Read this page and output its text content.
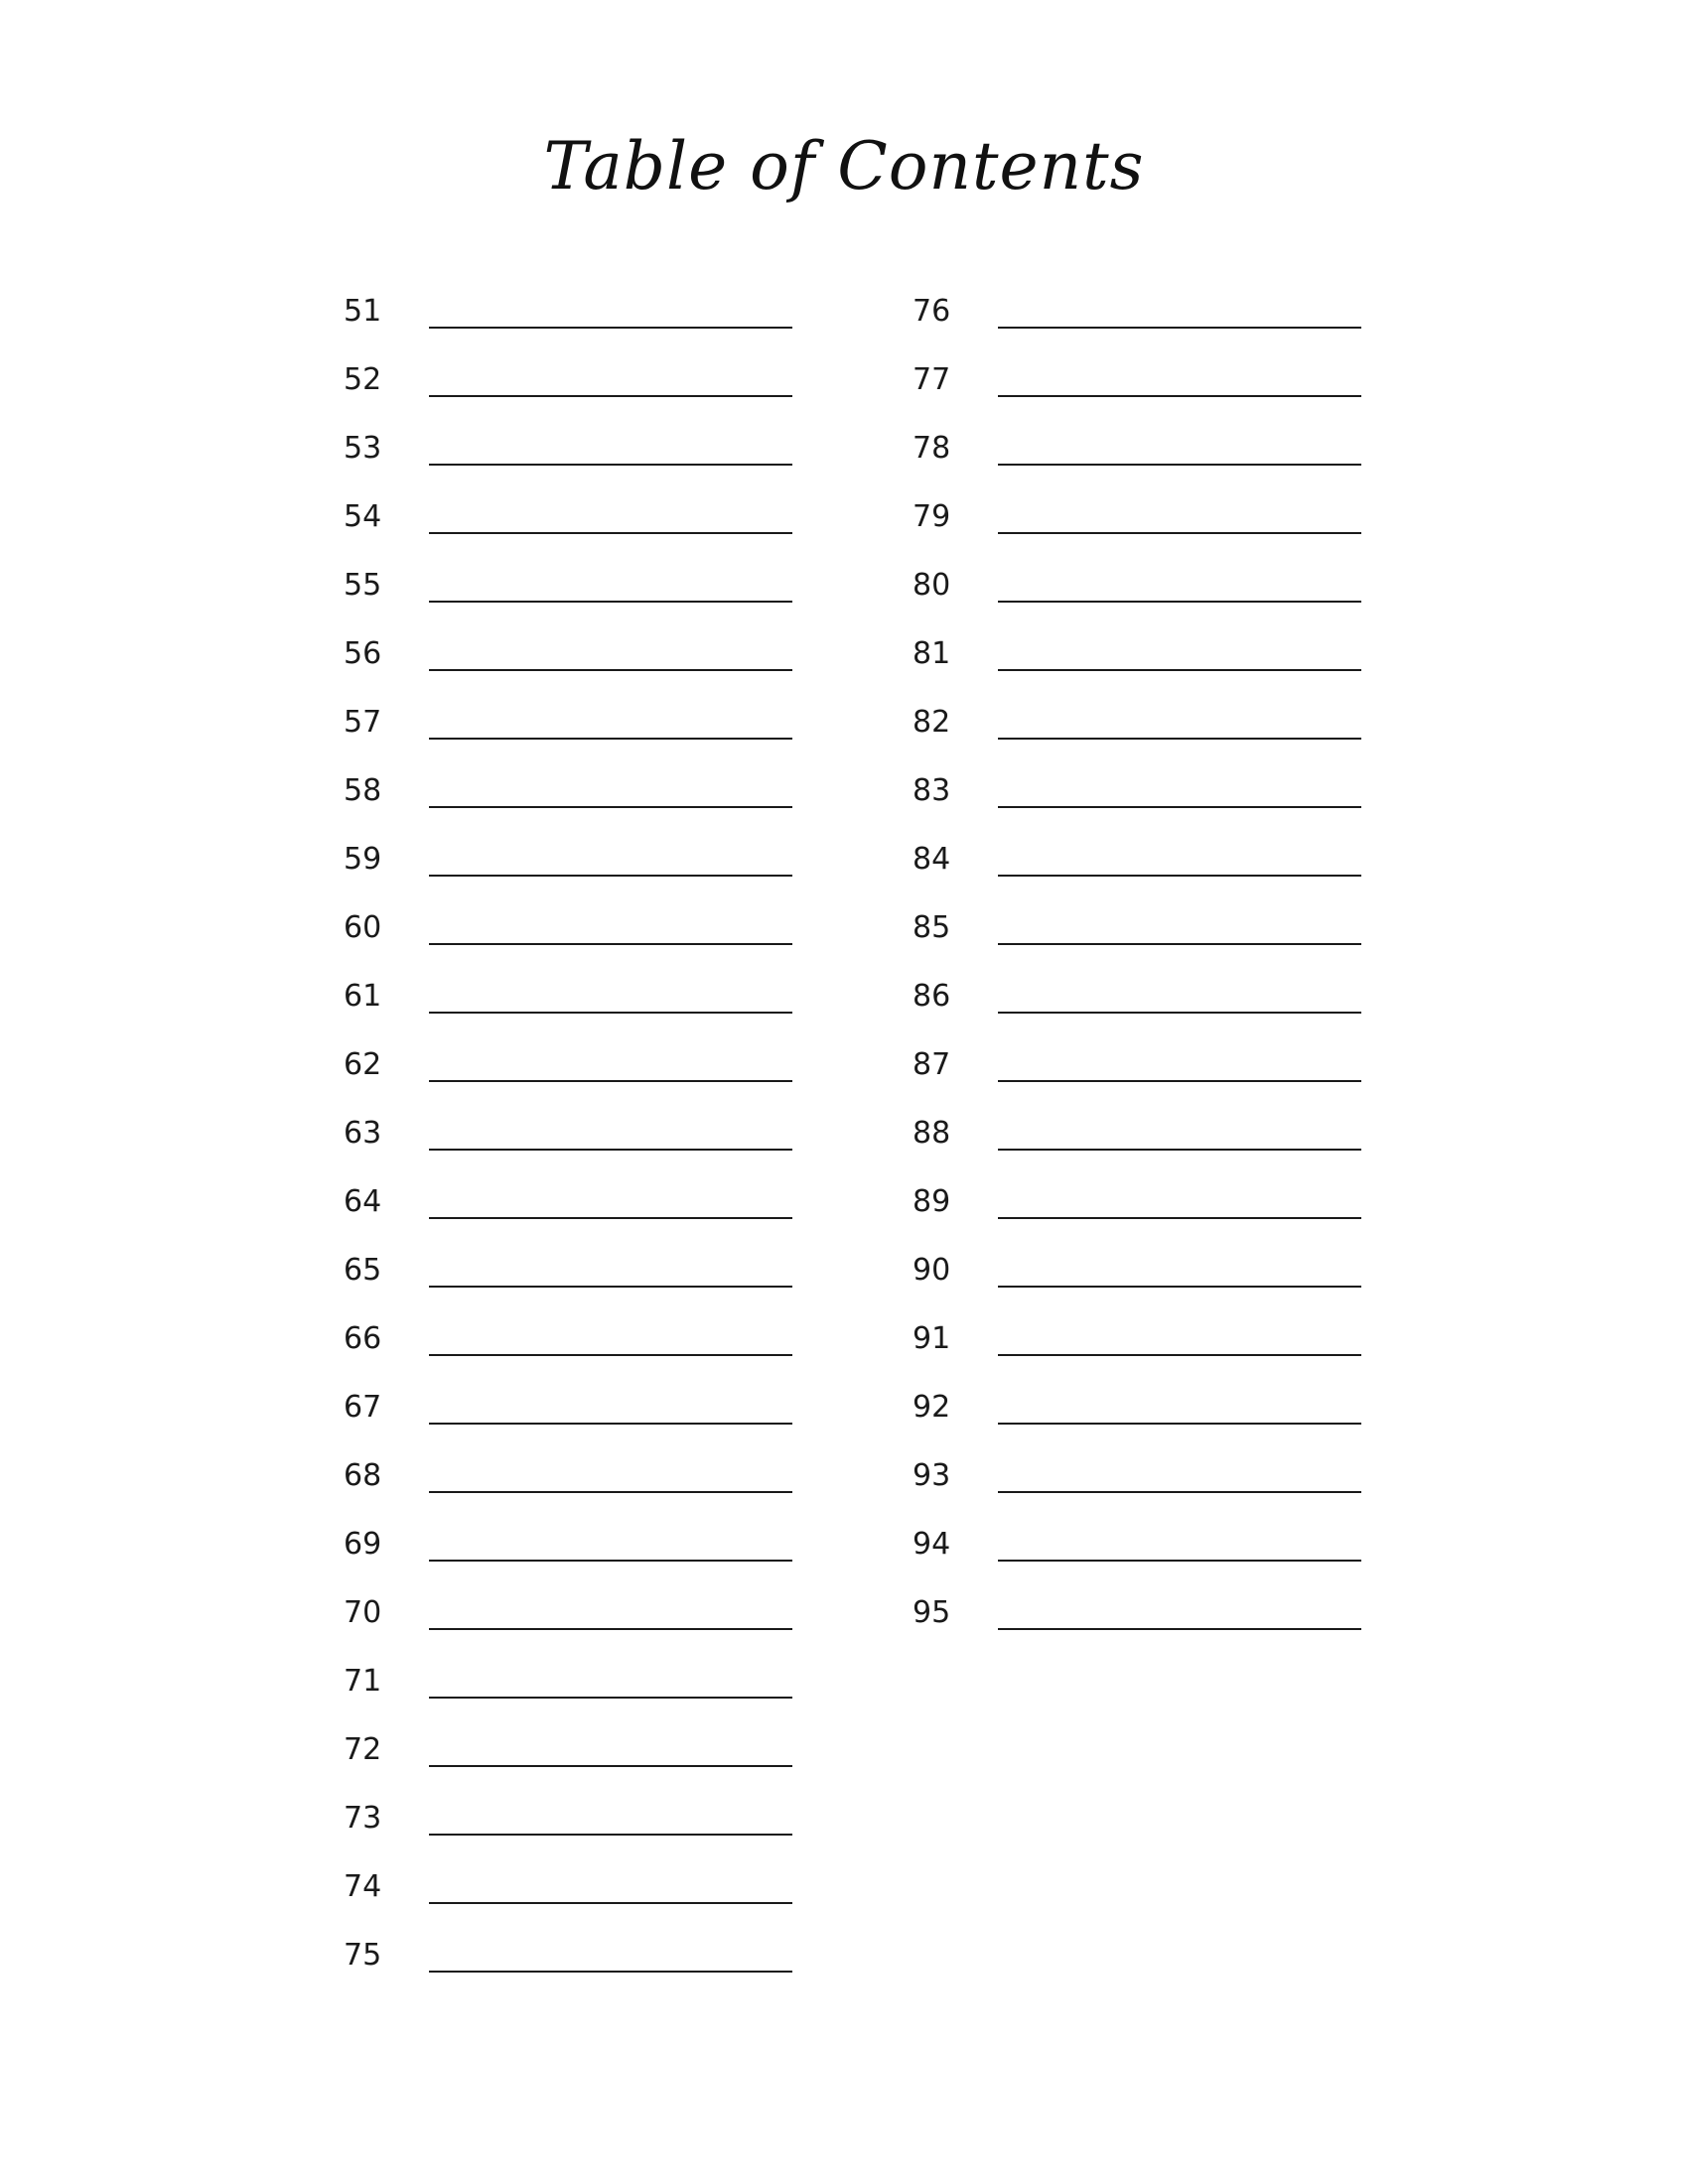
Table of Contents
51
52
53
54
55
56
57
58
59
60
61
62
63
64
65
66
67
68
69
70
71
72
73
74
75
76
77
78
79
80
81
82
83
84
85
86
87
88
89
90
91
92
93
94
95
